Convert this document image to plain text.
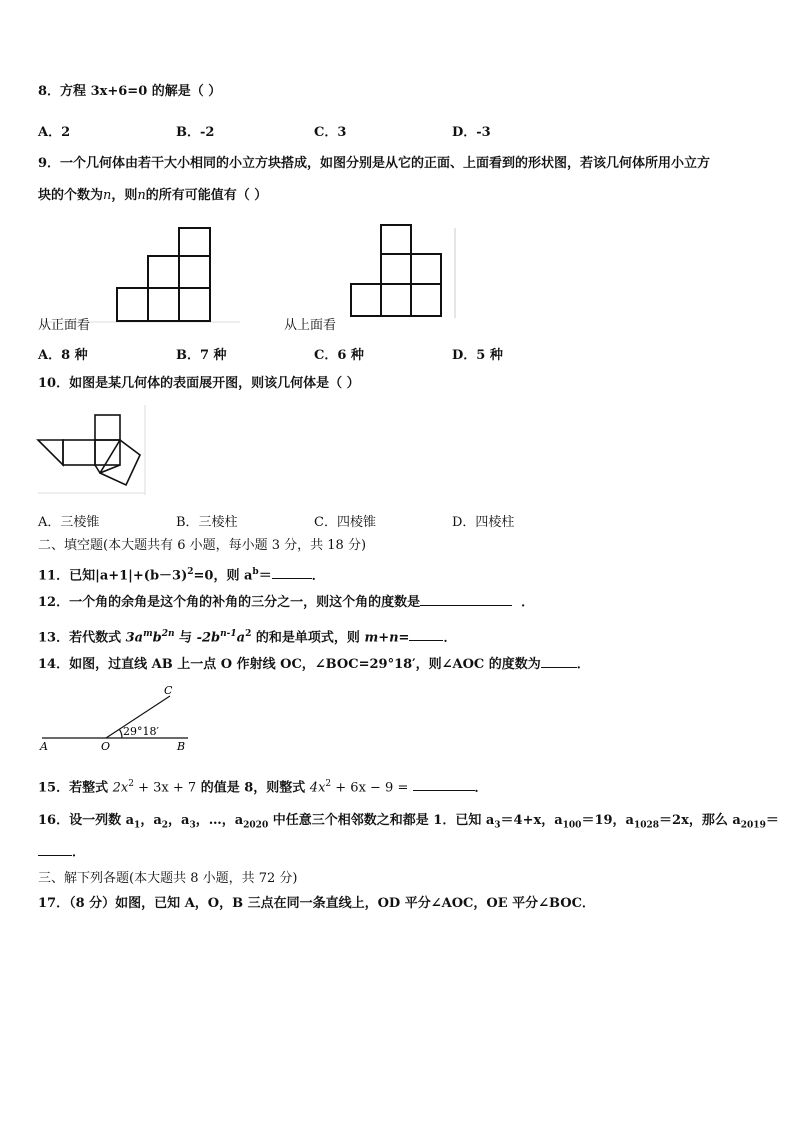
8．方程 3x+6=0 的解是（ ）
A．2	B．-2	C．3	D．-3
9．一个几何体由若干大小相同的小立方块搭成，如图分别是从它的正面、上面看到的形状图，若该几何体所用小立方
块的个数为n，则n的所有可能值有（ ）
从正面看	从上面看
A．8 种	B．7 种	C．6 种	D．5 种
10．如图是某几何体的表面展开图，则该几何体是（ ）
A．三棱锥	B．三棱柱	C．四棱锥	D．四棱柱
二、填空题(本大题共有 6 小题，每小题 3 分，共 18 分)
11．已知$|a+1|+(b-3)^2=0$，则 $a^b=$	．
12．一个角的余角是这个角的补角的三分之一，则这个角的度数是	．
13．若代数式 $3a^mb^{2n}$ 与 $-2b^{n-1}a^2$ 的和是单项式，则 m+n=	．
14．如图，过直线 AB 上一点 O 作射线 OC，∠BOC=29°18′，则∠AOC 的度数为	．
A	O	B
C
29°18′
15．若整式 $2x^2 + 3x + 7$ 的值是 8，则整式 $4x^2 + 6x - 9$ =	．
16．设一列数 $a_1$，$a_2$，$a_3$，…，$a_{2020}$ 中任意三个相邻数之和都是 1．已知 $a_3=4+x$，$a_{100}=19$，$a_{1028}=2x$，那么 $a_{2019}=$
．
三、解下列各题(本大题共 8 小题，共 72 分)
17．（8 分）如图，已知 A，O，B 三点在同一条直线上，OD 平分∠AOC，OE 平分∠BOC．
